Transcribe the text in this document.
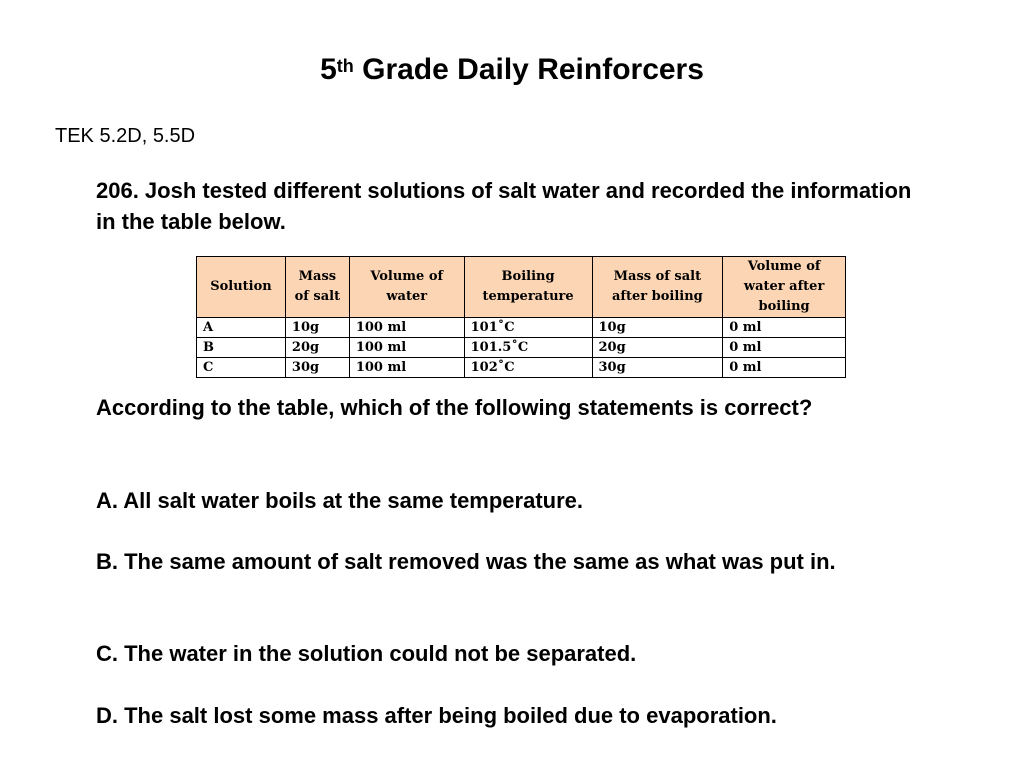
5th Grade Daily Reinforcers
TEK 5.2D, 5.5D
206. Josh tested different solutions of salt water and recorded the information in the table below.
Solution	Mass of salt	Volume of water	Boiling temperature	Mass of salt after boiling	Volume of water after boiling
A	10g	100 ml	101˚C	10g	0 ml
B	20g	100 ml	101.5˚C	20g	0 ml
C	30g	100 ml	102˚C	30g	0 ml
According to the table, which of the following statements is correct?
A. All salt water boils at the same temperature.
B. The same amount of salt removed was the same as what was put in.
C. The water in the solution could not be separated.
D. The salt lost some mass after being boiled due to evaporation.
